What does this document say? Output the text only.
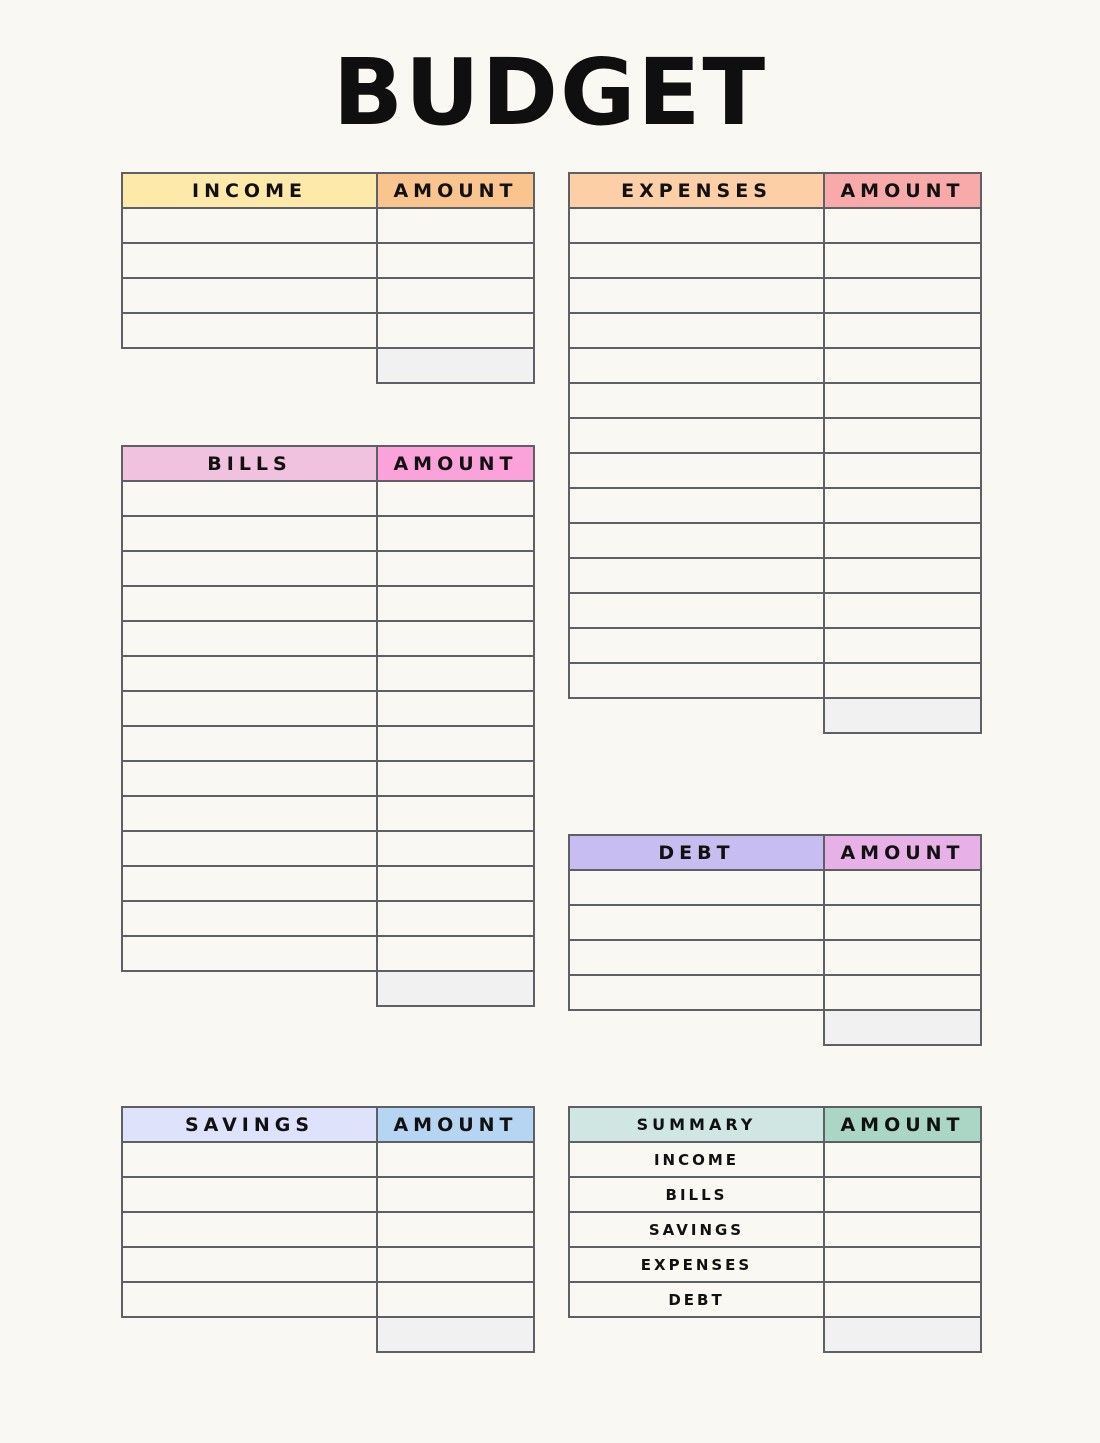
BUDGET
INCOME	AMOUNT

BILLS	AMOUNT

SAVINGS	AMOUNT

EXPENSES	AMOUNT

DEBT	AMOUNT

SUMMARY	AMOUNT
INCOME	
BILLS	
SAVINGS	
EXPENSES	
DEBT	
